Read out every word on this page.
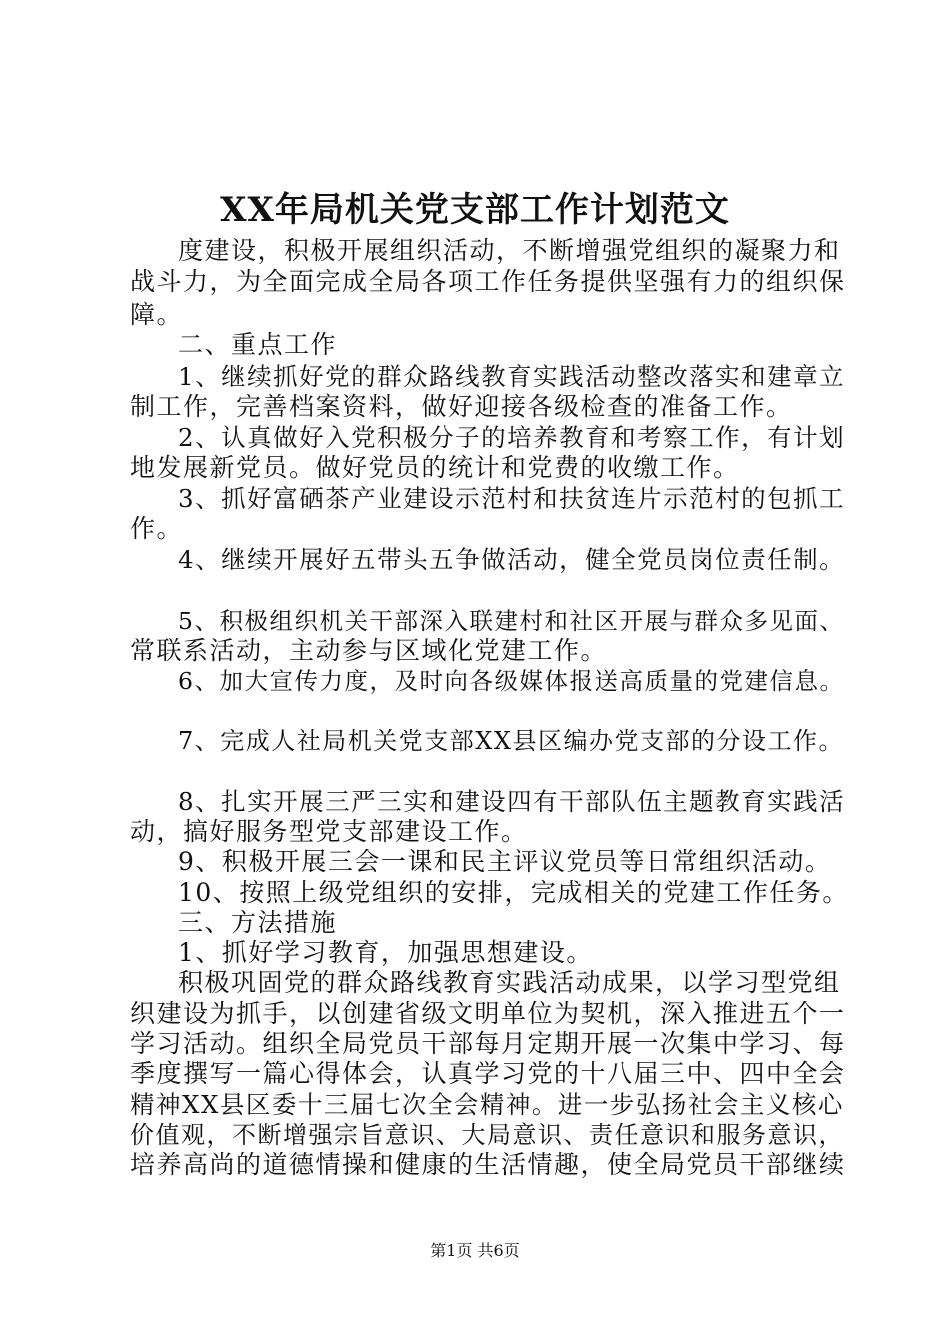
XX年局机关党支部工作计划范文
度建设，积极开展组织活动，不断增强党组织的凝聚力和
战斗力，为全面完成全局各项工作任务提供坚强有力的组织保
障。
二、重点工作
1、继续抓好党的群众路线教育实践活动整改落实和建章立
制工作，完善档案资料，做好迎接各级检查的准备工作。
2、认真做好入党积极分子的培养教育和考察工作，有计划
地发展新党员。做好党员的统计和党费的收缴工作。
3、抓好富硒茶产业建设示范村和扶贫连片示范村的包抓工
作。
4、继续开展好五带头五争做活动，健全党员岗位责任制。
5、积极组织机关干部深入联建村和社区开展与群众多见面、
常联系活动，主动参与区域化党建工作。
6、加大宣传力度，及时向各级媒体报送高质量的党建信息。
7、完成人社局机关党支部XX县区编办党支部的分设工作。
8、扎实开展三严三实和建设四有干部队伍主题教育实践活
动，搞好服务型党支部建设工作。
9、积极开展三会一课和民主评议党员等日常组织活动。
10、按照上级党组织的安排，完成相关的党建工作任务。
三、方法措施
1、抓好学习教育，加强思想建设。
积极巩固党的群众路线教育实践活动成果，以学习型党组
织建设为抓手，以创建省级文明单位为契机，深入推进五个一
学习活动。组织全局党员干部每月定期开展一次集中学习、每
季度撰写一篇心得体会，认真学习党的十八届三中、四中全会
精神XX县区委十三届七次全会精神。进一步弘扬社会主义核心
价值观，不断增强宗旨意识、大局意识、责任意识和服务意识，
培养高尚的道德情操和健康的生活情趣，使全局党员干部继续
第1页 共6页
